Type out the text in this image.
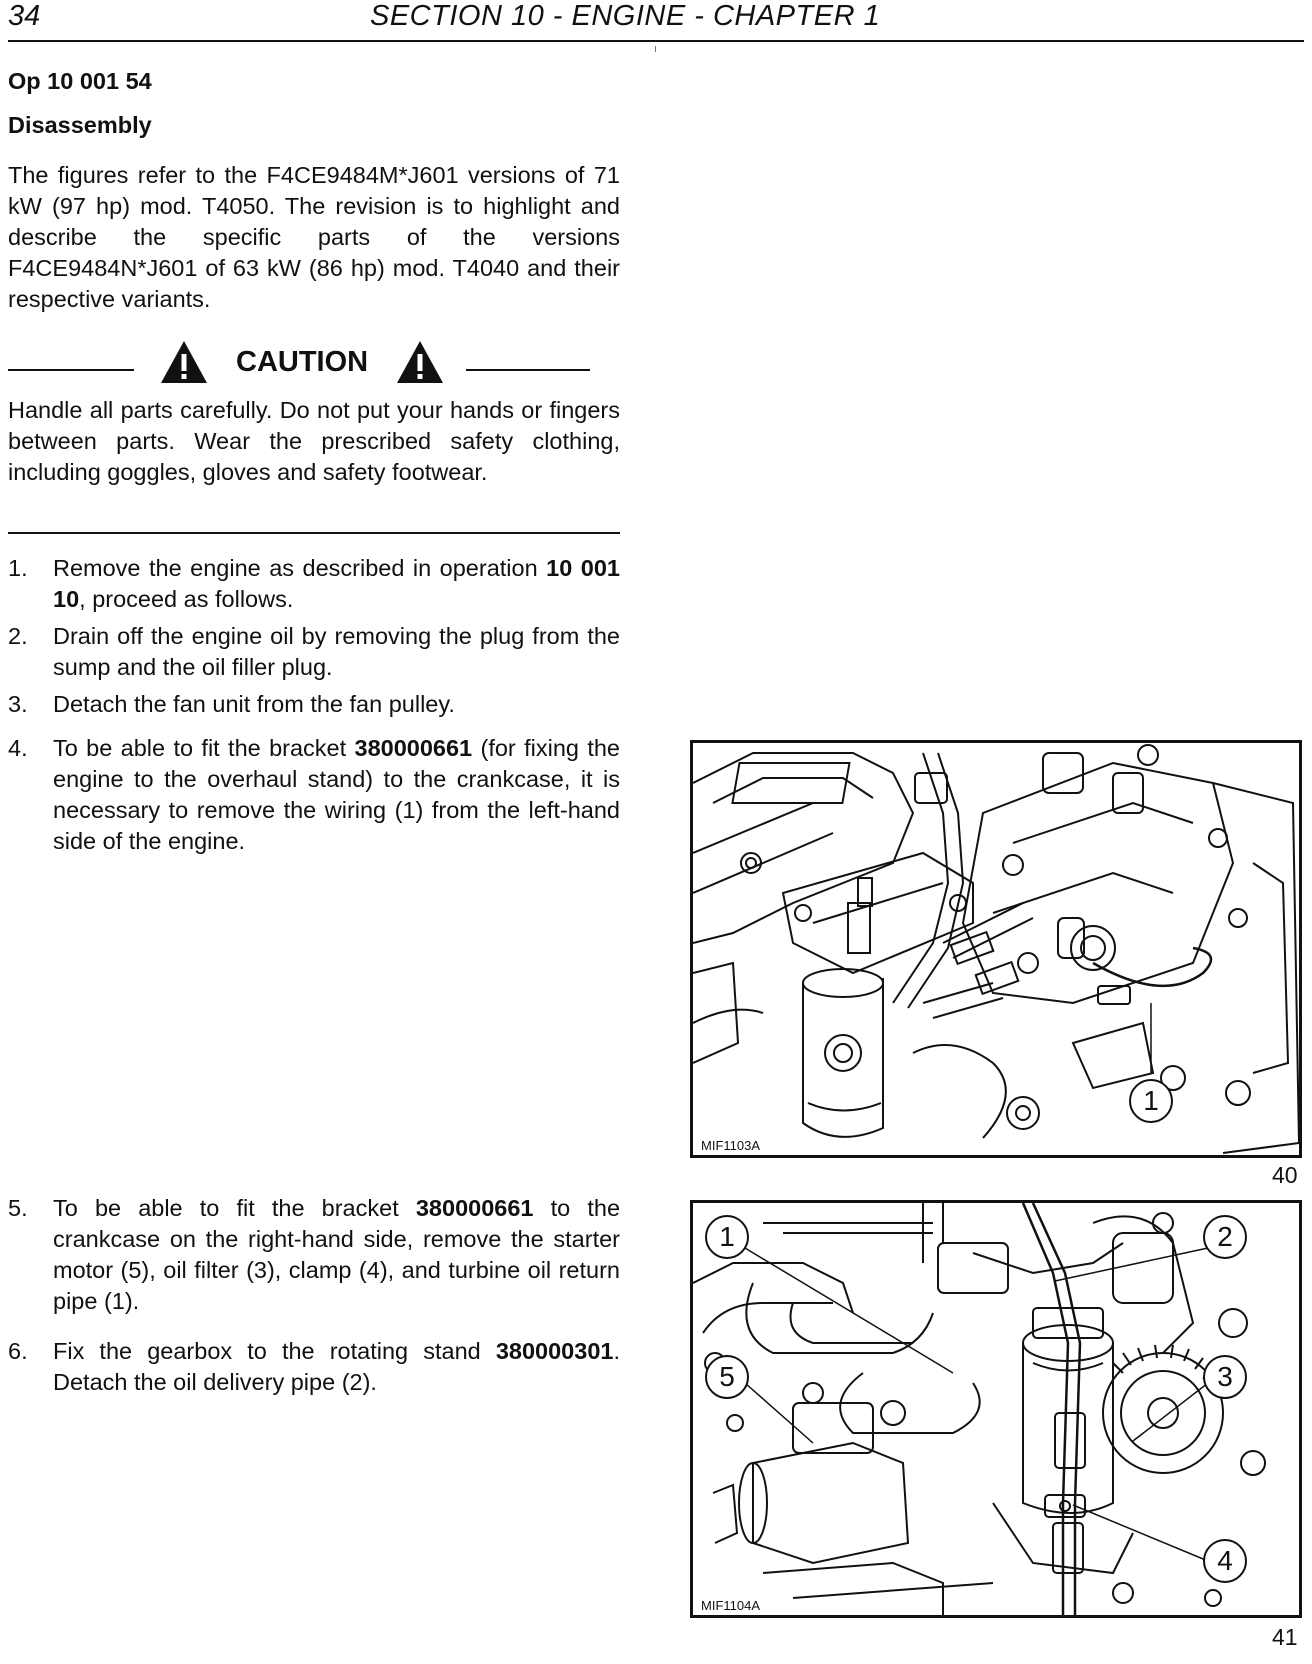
34	SECTION 10 - ENGINE - CHAPTER 1
Op 10 001 54
Disassembly
The figures refer to the F4CE9484M*J601 versions of 71 kW (97 hp) mod. T4050. The revision is to highlight and describe the specific parts of the versions F4CE9484N*J601 of 63 kW (86 hp) mod. T4040 and their respective variants.
CAUTION
Handle all parts carefully. Do not put your hands or fingers between parts. Wear the prescribed safety clothing, including goggles, gloves and safety footwear.
1. Remove the engine as described in operation 10 001 10, proceed as follows.
2. Drain off the engine oil by removing the plug from the sump and the oil filler plug.
3. Detach the fan unit from the fan pulley.
4. To be able to fit the bracket 380000661 (for fixing the engine to the overhaul stand) to the crankcase, it is necessary to remove the wiring (1) from the left-hand side of the engine.
5. To be able to fit the bracket 380000661 to the crankcase on the right-hand side, remove the starter motor (5), oil filter (3), clamp (4), and turbine oil return pipe (1).
6. Fix the gearbox to the rotating stand 380000301. Detach the oil delivery pipe (2).
1
MIF1103A
40
1	2
3
4
5
MIF1104A
41
